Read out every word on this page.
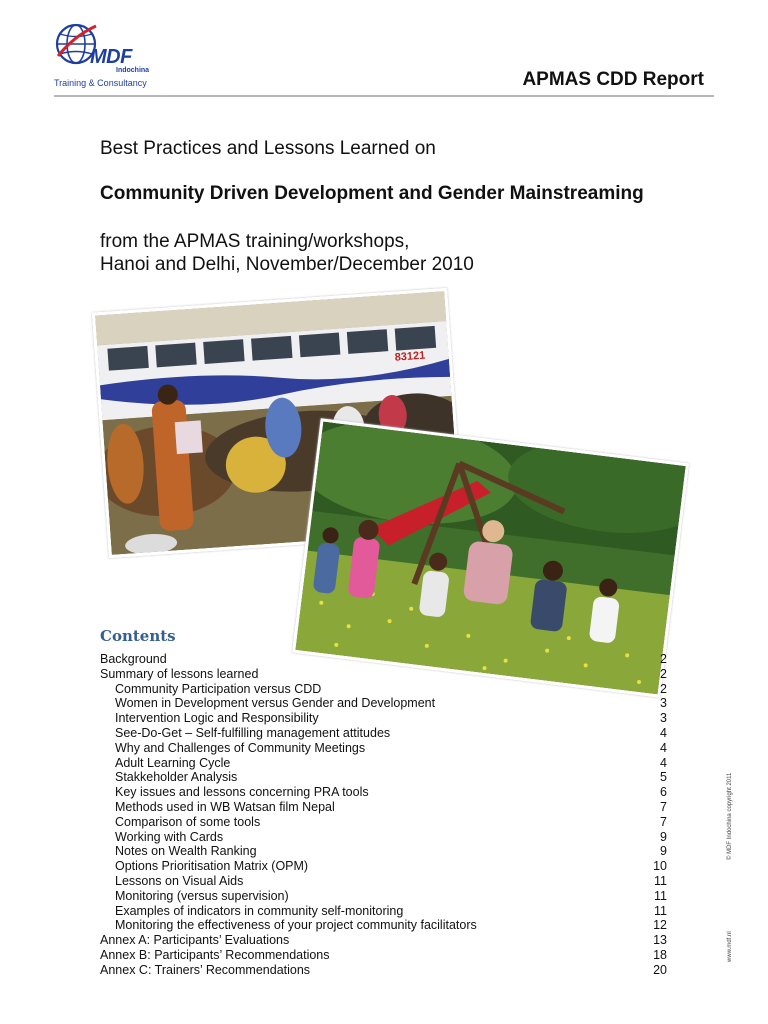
MDF
Indochina
Training & Consultancy	APMAS CDD Report
Best Practices and Lessons Learned on
Community Driven Development and Gender Mainstreaming
from the APMAS training/workshops,
Hanoi and Delhi, November/December 2010
83121
Contents
Background	2
Summary of lessons learned	2
Community Participation versus CDD	2
Women in Development versus Gender and Development	3
Intervention Logic and Responsibility	3
See-Do-Get – Self-fulfilling management attitudes	4
Why and Challenges of Community Meetings	4
Adult Learning Cycle	4
Stakkeholder Analysis	5
Key issues and lessons concerning PRA tools	6
Methods used in WB Watsan film Nepal	7
Comparison of some tools	7
Working with Cards	9
Notes on Wealth Ranking	9
Options Prioritisation Matrix (OPM)	10
Lessons on Visual Aids	11
Monitoring (versus supervision)	11
Examples of indicators in community self-monitoring	11
Monitoring the effectiveness of your project community facilitators	12
Annex A: Participants’ Evaluations	13
Annex B: Participants’ Recommendations	18
Annex C: Trainers’ Recommendations	20
© MDF Indochina copyright 2011
www.mdf.nl
